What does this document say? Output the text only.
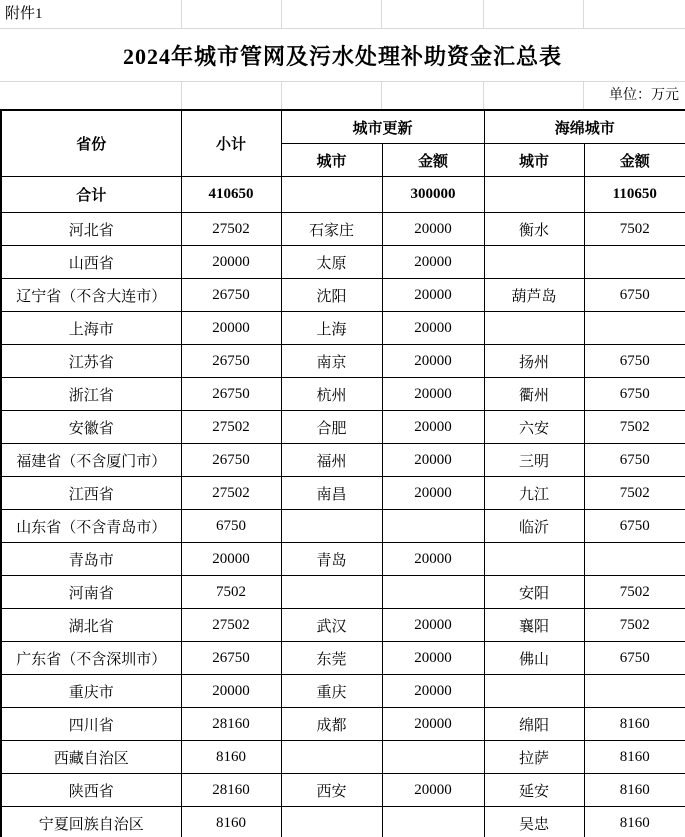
附件1
2024年城市管网及污水处理补助资金汇总表
单位：万元
省份	小计	城市更新		海绵城市	
		城市	金额	城市	金额
合计	410650		300000		110650
河北省	27502	石家庄	20000	衡水	7502
山西省	20000	太原	20000		
辽宁省（不含大连市）	26750	沈阳	20000	葫芦岛	6750
上海市	20000	上海	20000		
江苏省	26750	南京	20000	扬州	6750
浙江省	26750	杭州	20000	衢州	6750
安徽省	27502	合肥	20000	六安	7502
福建省（不含厦门市）	26750	福州	20000	三明	6750
江西省	27502	南昌	20000	九江	7502
山东省（不含青岛市）	6750			临沂	6750
青岛市	20000	青岛	20000		
河南省	7502			安阳	7502
湖北省	27502	武汉	20000	襄阳	7502
广东省（不含深圳市）	26750	东莞	20000	佛山	6750
重庆市	20000	重庆	20000		
四川省	28160	成都	20000	绵阳	8160
西藏自治区	8160			拉萨	8160
陕西省	28160	西安	20000	延安	8160
宁夏回族自治区	8160			吴忠	8160
